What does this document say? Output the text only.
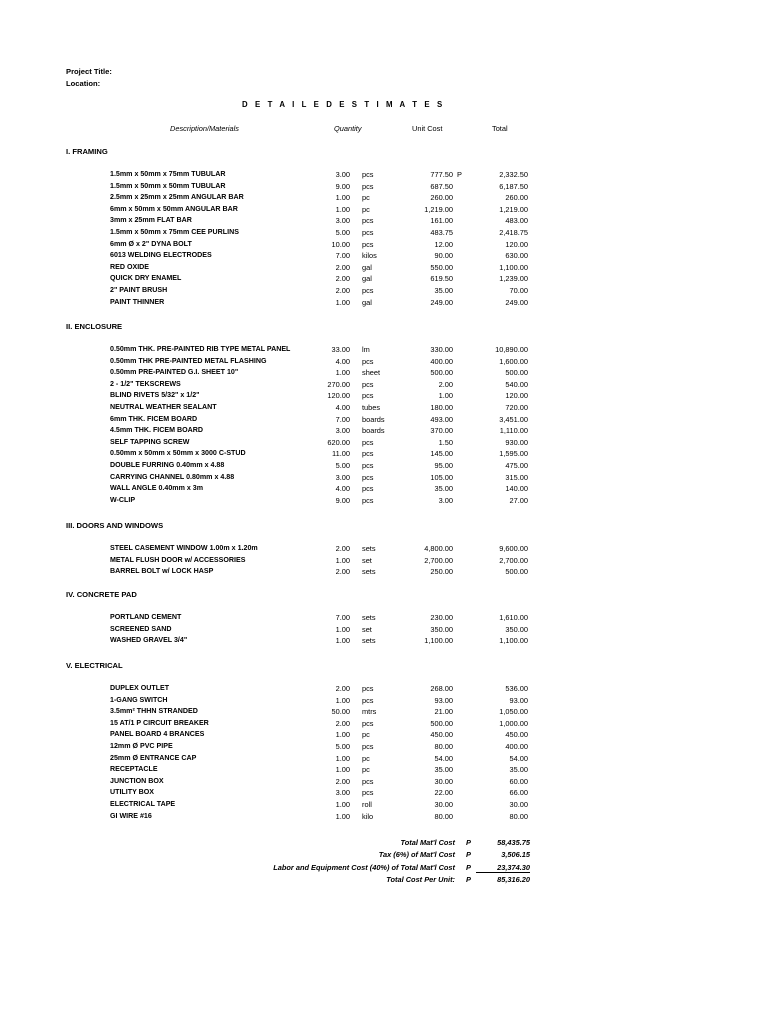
Project Title:
Location:
D E T A I L E D E S T I M A T E S
Description/Materials	Quantity	Unit Cost	Total
I. FRAMING
1.5mm x 50mm x 75mm TUBULAR	3.00 pcs	777.50 P	2,332.50
1.5mm x 50mm x 50mm TUBULAR	9.00 pcs	687.50	6,187.50
2.5mm x 25mm x 25mm ANGULAR BAR	1.00 pc	260.00	260.00
6mm x 50mm x 50mm ANGULAR BAR	1.00 pc	1,219.00	1,219.00
3mm x 25mm FLAT BAR	3.00 pcs	161.00	483.00
1.5mm x 50mm x 75mm CEE PURLINS	5.00 pcs	483.75	2,418.75
6mm Ø x 2" DYNA BOLT	10.00 pcs	12.00	120.00
6013 WELDING ELECTRODES	7.00 kilos	90.00	630.00
RED OXIDE	2.00 gal	550.00	1,100.00
QUICK DRY ENAMEL	2.00 gal	619.50	1,239.00
2" PAINT BRUSH	2.00 pcs	35.00	70.00
PAINT THINNER	1.00 gal	249.00	249.00
II. ENCLOSURE
0.50mm THK. PRE-PAINTED RIB TYPE METAL PANEL	33.00 lm	330.00	10,890.00
0.50mm THK PRE-PAINTED METAL FLASHING	4.00 pcs	400.00	1,600.00
0.50mm PRE-PAINTED G.I. SHEET 10"	1.00 sheet	500.00	500.00
2 - 1/2" TEKSCREWS	270.00 pcs	2.00	540.00
BLIND RIVETS 5/32" x 1/2"	120.00 pcs	1.00	120.00
NEUTRAL WEATHER SEALANT	4.00 tubes	180.00	720.00
6mm THK. FICEM BOARD	7.00 boards	493.00	3,451.00
4.5mm THK. FICEM BOARD	3.00 boards	370.00	1,110.00
SELF TAPPING SCREW	620.00 pcs	1.50	930.00
0.50mm x 50mm x 50mm x 3000 C-STUD	11.00 pcs	145.00	1,595.00
DOUBLE FURRING 0.40mm x 4.88	5.00 pcs	95.00	475.00
CARRYING CHANNEL 0.80mm x 4.88	3.00 pcs	105.00	315.00
WALL ANGLE 0.40mm x 3m	4.00 pcs	35.00	140.00
W-CLIP	9.00 pcs	3.00	27.00
III. DOORS AND WINDOWS
STEEL CASEMENT WINDOW 1.00m x 1.20m	2.00 sets	4,800.00	9,600.00
METAL FLUSH DOOR w/ ACCESSORIES	1.00 set	2,700.00	2,700.00
BARREL BOLT w/ LOCK HASP	2.00 sets	250.00	500.00
IV. CONCRETE PAD
PORTLAND CEMENT	7.00 sets	230.00	1,610.00
SCREENED SAND	1.00 set	350.00	350.00
WASHED GRAVEL 3/4"	1.00 sets	1,100.00	1,100.00
V. ELECTRICAL
DUPLEX OUTLET	2.00 pcs	268.00	536.00
1-GANG SWITCH	1.00 pcs	93.00	93.00
3.5mm² THHN STRANDED	50.00 mtrs	21.00	1,050.00
15 AT/1 P CIRCUIT BREAKER	2.00 pcs	500.00	1,000.00
PANEL BOARD 4 BRANCES	1.00 pc	450.00	450.00
12mm Ø PVC PIPE	5.00 pcs	80.00	400.00
25mm Ø ENTRANCE CAP	1.00 pc	54.00	54.00
RECEPTACLE	1.00 pc	35.00	35.00
JUNCTION BOX	2.00 pcs	30.00	60.00
UTILITY BOX	3.00 pcs	22.00	66.00
ELECTRICAL TAPE	1.00 roll	30.00	30.00
GI WIRE #16	1.00 kilo	80.00	80.00
Total Mat'l Cost P	58,435.75
Tax (6%) of Mat'l Cost P	3,506.15
Labor and Equipment Cost (40%) of Total Mat'l Cost P	23,374.30
Total Cost Per Unit: P	85,316.20
